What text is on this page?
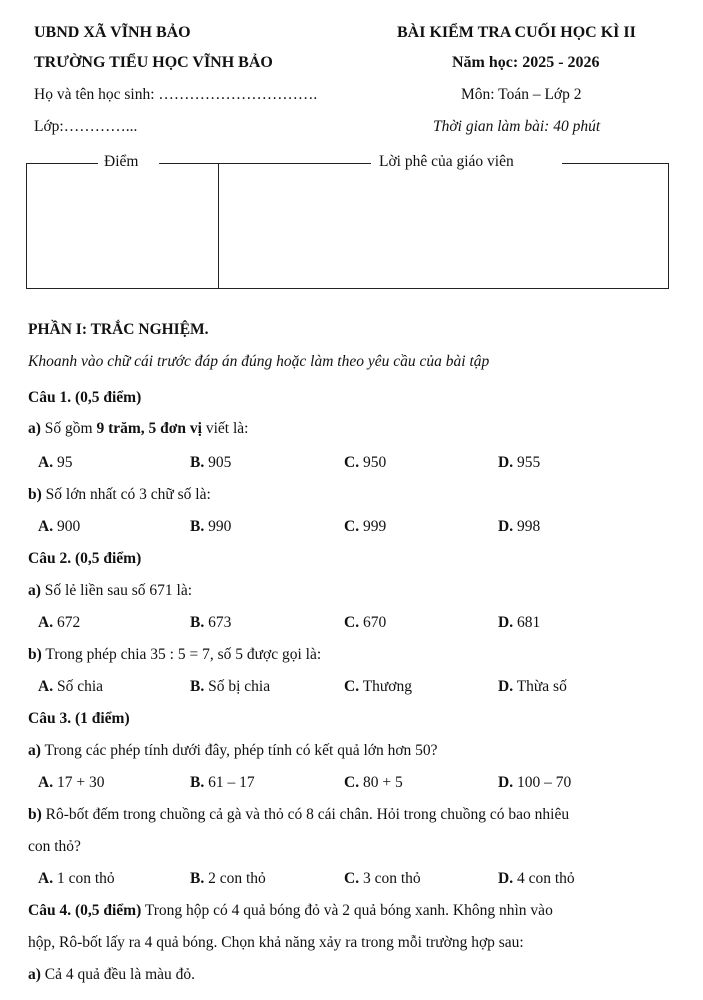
UBND XÃ VĨNH BẢO	BÀI KIỂM TRA CUỐI HỌC KÌ II
TRƯỜNG TIỂU HỌC VĨNH BẢO	Năm học: 2025 - 2026
Họ và tên học sinh: ………………………….	Môn: Toán – Lớp 2
Lớp:…………...	Thời gian làm bài: 40 phút
Điểm	Lời phê của giáo viên
PHẦN I: TRẮC NGHIỆM.
Khoanh vào chữ cái trước đáp án đúng hoặc làm theo yêu cầu của bài tập
Câu 1. (0,5 điểm)
a) Số gồm 9 trăm, 5 đơn vị viết là:
A. 95	B. 905	C. 950	D. 955
b) Số lớn nhất có 3 chữ số là:
A. 900	B. 990	C. 999	D. 998
Câu 2. (0,5 điểm)
a) Số lẻ liền sau số 671 là:
A. 672	B. 673	C. 670	D. 681
b) Trong phép chia 35 : 5 = 7, số 5 được gọi là:
A. Số chia	B. Số bị chia	C. Thương	D. Thừa số
Câu 3. (1 điểm)
a) Trong các phép tính dưới đây, phép tính có kết quả lớn hơn 50?
A. 17 + 30	B. 61 – 17	C. 80 + 5	D. 100 – 70
b) Rô-bốt đếm trong chuồng cả gà và thỏ có 8 cái chân. Hỏi trong chuồng có bao nhiêu
con thỏ?
A. 1 con thỏ	B. 2 con thỏ	C. 3 con thỏ	D. 4 con thỏ
Câu 4. (0,5 điểm) Trong hộp có 4 quả bóng đỏ và 2 quả bóng xanh. Không nhìn vào
hộp, Rô-bốt lấy ra 4 quả bóng. Chọn khả năng xảy ra trong mỗi trường hợp sau:
a) Cả 4 quả đều là màu đỏ.
